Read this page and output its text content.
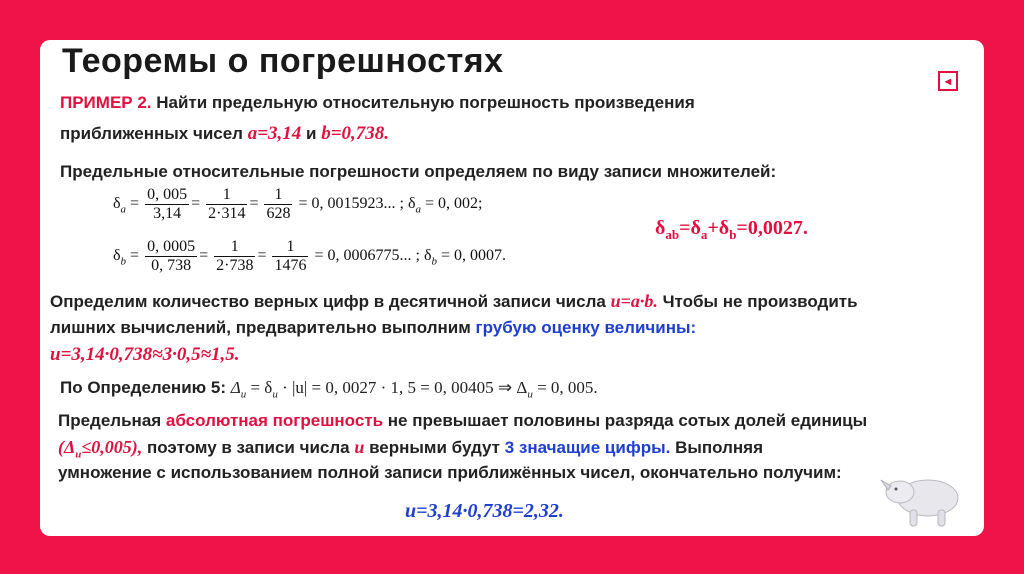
Теоремы о погрешностях
◂
ПРИМЕР 2. Найти предельную относительную погрешность произведения
приближенных чисел a=3,14 и b=0,738.
Предельные относительные погрешности определяем по виду записи множителей:
$\delta_a = \frac{0, 005}{3,14} = \frac{1}{2\cdot 314} = \frac{1}{628} = 0$, 0015923... ; $\delta_a = 0$, 002;
$\delta_b = \frac{0, 0005}{0, 738} = \frac{1}{2\cdot 738} = \frac{1}{1476} = 0$, 0006775... ; $\delta_b = 0$, 0007.
$\delta_{ab}=\delta_a+\delta_b=0,0027$.
Определим количество верных цифр в десятичной записи числа u=a·b. Чтобы не производить
лишних вычислений, предварительно выполним грубую оценку величины:
u=3,14·0,738≈3·0,5≈1,5.
По Определению 5: $\Delta_u = \delta_u \cdot |u| = 0$, 0027 · 1, 5 = 0, 00405 ⇒ $\Delta_u = 0$, 005.
Предельная абсолютная погрешность не превышает половины разряда сотых долей единицы
$(\Delta_u\le 0,005)$, поэтому в записи числа u верными будут 3 значащие цифры. Выполняя
умножение с использованием полной записи приближённых чисел, окончательно получим:
u=3,14·0,738=2,32.
